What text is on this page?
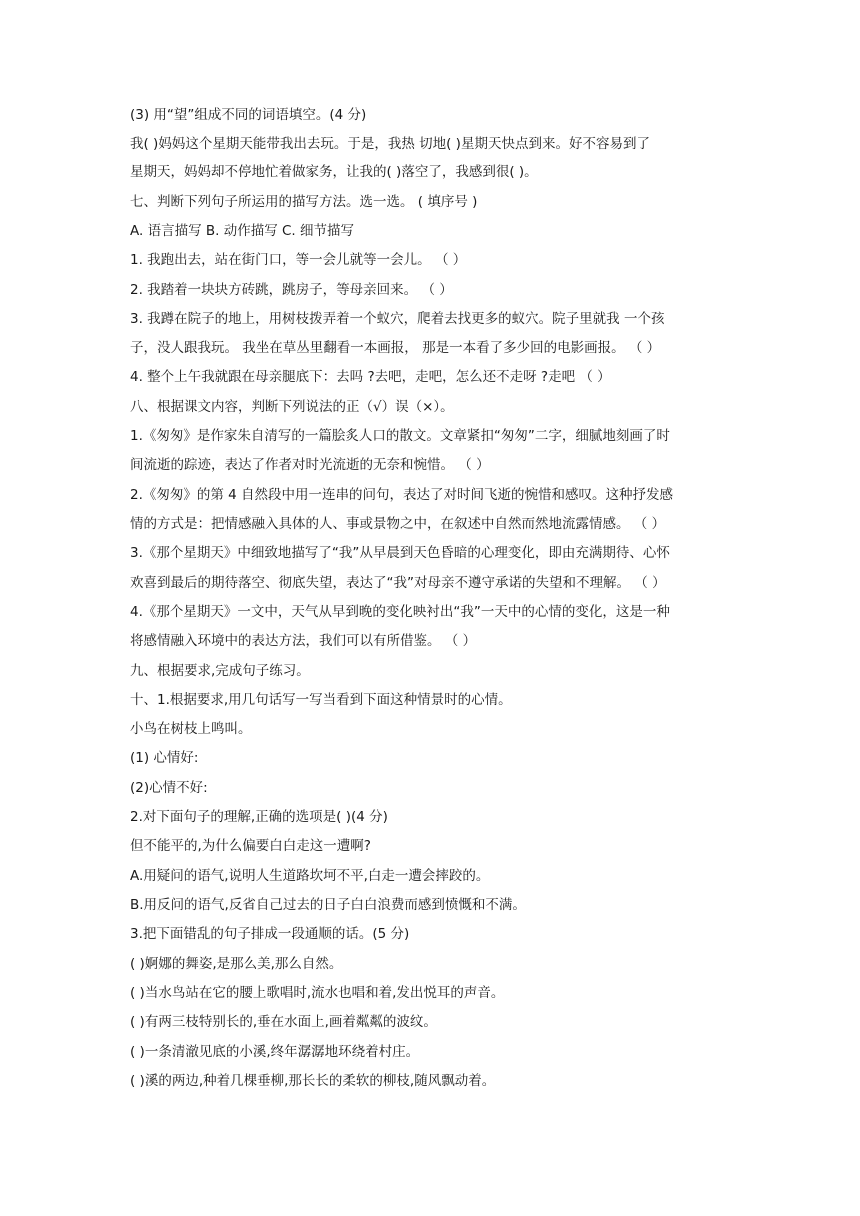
(3) 用“望”组成不同的词语填空。(4 分)
我( )妈妈这个星期天能带我出去玩。于是，我热 切地( )星期天快点到来。好不容易到了
星期天，妈妈却不停地忙着做家务，让我的( )落空了，我感到很( )。
七、判断下列句子所运用的描写方法。选一选。 ( 填序号 )
A. 语言描写 B. 动作描写 C. 细节描写
1. 我跑出去，站在街门口，等一会儿就等一会儿。 （ ）
2. 我踏着一块块方砖跳，跳房子，等母亲回来。 （ ）
3. 我蹲在院子的地上，用树枝拨弄着一个蚁穴，爬着去找更多的蚁穴。院子里就我 一个孩
子，没人跟我玩。 我坐在草丛里翻看一本画报， 那是一本看了多少回的电影画报。 （ ）
4. 整个上午我就跟在母亲腿底下：去吗 ?去吧，走吧，怎么还不走呀 ?走吧 （ ）
八、根据课文内容，判断下列说法的正（√）误（×）。
1.《匆匆》是作家朱自清写的一篇脍炙人口的散文。文章紧扣“匆匆”二字，细腻地刻画了时
间流逝的踪迹，表达了作者对时光流逝的无奈和惋惜。 （ ）
2.《匆匆》的第 4 自然段中用一连串的问句，表达了对时间飞逝的惋惜和感叹。这种抒发感
情的方式是：把情感融入具体的人、事或景物之中，在叙述中自然而然地流露情感。 （ ）
3.《那个星期天》中细致地描写了“我”从早晨到天色昏暗的心理变化，即由充满期待、心怀
欢喜到最后的期待落空、彻底失望，表达了“我”对母亲不遵守承诺的失望和不理解。 （ ）
4.《那个星期天》一文中，天气从早到晚的变化映衬出“我”一天中的心情的变化，这是一种
将感情融入环境中的表达方法，我们可以有所借鉴。 （ ）
九、根据要求,完成句子练习。
十、1.根据要求,用几句话写一写当看到下面这种情景时的心情。
小鸟在树枝上鸣叫。
(1) 心情好:
(2)心情不好:
2.对下面句子的理解,正确的选项是( )(4 分)
但不能平的,为什么偏要白白走这一遭啊?
A.用疑问的语气,说明人生道路坎坷不平,白走一遭会摔跤的。
B.用反问的语气,反省自己过去的日子白白浪费而感到愤慨和不满。
3.把下面错乱的句子排成一段通顺的话。(5 分)
( )婀娜的舞姿,是那么美,那么自然。
( )当水鸟站在它的腰上歌唱时,流水也唱和着,发出悦耳的声音。
( )有两三枝特别长的,垂在水面上,画着粼粼的波纹。
( )一条清澈见底的小溪,终年潺潺地环绕着村庄。
( )溪的两边,种着几棵垂柳,那长长的柔软的柳枝,随风飘动着。
